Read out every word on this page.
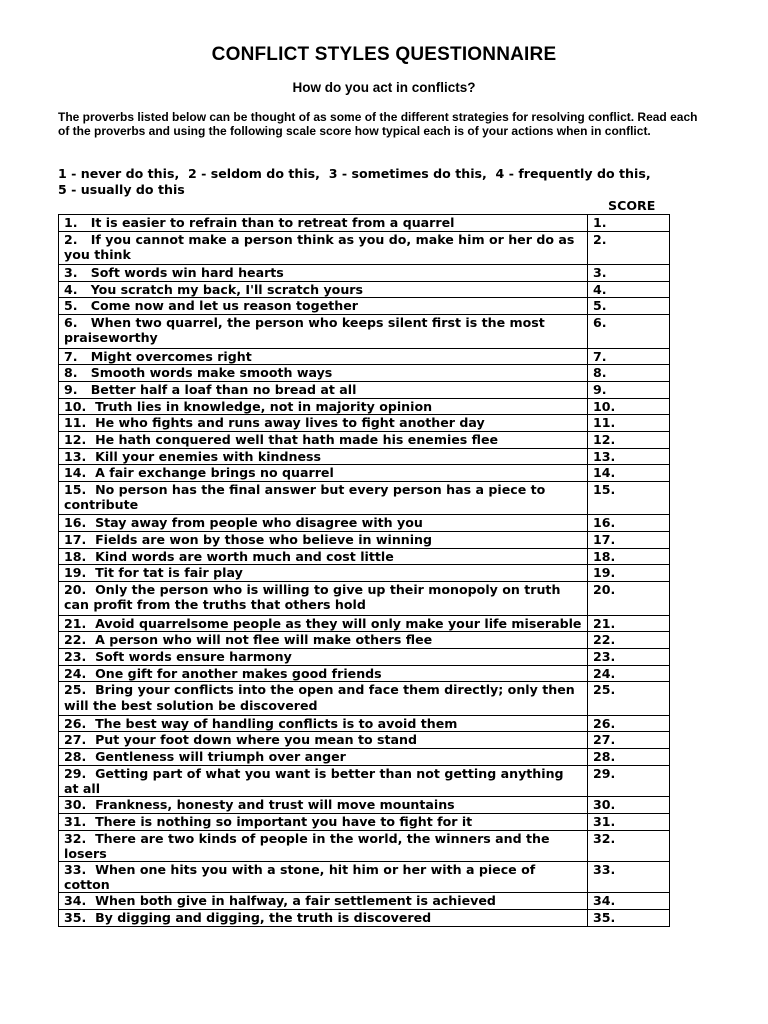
CONFLICT STYLES QUESTIONNAIRE
How do you act in conflicts?
The proverbs listed below can be thought of as some of the different strategies for resolving conflict. Read each of the proverbs and using the following scale score how typical each is of your actions when in conflict.
1 - never do this,  2 - seldom do this,  3 - sometimes do this,  4 - frequently do this,
5 - usually do this
SCORE
1.   It is easier to refrain than to retreat from a quarrel	1.
2.   If you cannot make a person think as you do, make him or her do as you think	2.
3.   Soft words win hard hearts	3.
4.   You scratch my back, I'll scratch yours	4.
5.   Come now and let us reason together	5.
6.   When two quarrel, the person who keeps silent first is the most praiseworthy	6.
7.   Might overcomes right	7.
8.   Smooth words make smooth ways	8.
9.   Better half a loaf than no bread at all	9.
10.  Truth lies in knowledge, not in majority opinion	10.
11.  He who fights and runs away lives to fight another day	11.
12.  He hath conquered well that hath made his enemies flee	12.
13.  Kill your enemies with kindness	13.
14.  A fair exchange brings no quarrel	14.
15.  No person has the final answer but every person has a piece to contribute	15.
16.  Stay away from people who disagree with you	16.
17.  Fields are won by those who believe in winning	17.
18.  Kind words are worth much and cost little	18.
19.  Tit for tat is fair play	19.
20.  Only the person who is willing to give up their monopoly on truth can profit from the truths that others hold	20.
21.  Avoid quarrelsome people as they will only make your life miserable	21.
22.  A person who will not flee will make others flee	22.
23.  Soft words ensure harmony	23.
24.  One gift for another makes good friends	24.
25.  Bring your conflicts into the open and face them directly; only then will the best solution be discovered	25.
26.  The best way of handling conflicts is to avoid them	26.
27.  Put your foot down where you mean to stand	27.
28.  Gentleness will triumph over anger	28.
29.  Getting part of what you want is better than not getting anything at all	29.
30.  Frankness, honesty and trust will move mountains	30.
31.  There is nothing so important you have to fight for it	31.
32.  There are two kinds of people in the world, the winners and the losers	32.
33.  When one hits you with a stone, hit him or her with a piece of cotton	33.
34.  When both give in halfway, a fair settlement is achieved	34.
35.  By digging and digging, the truth is discovered	35.
